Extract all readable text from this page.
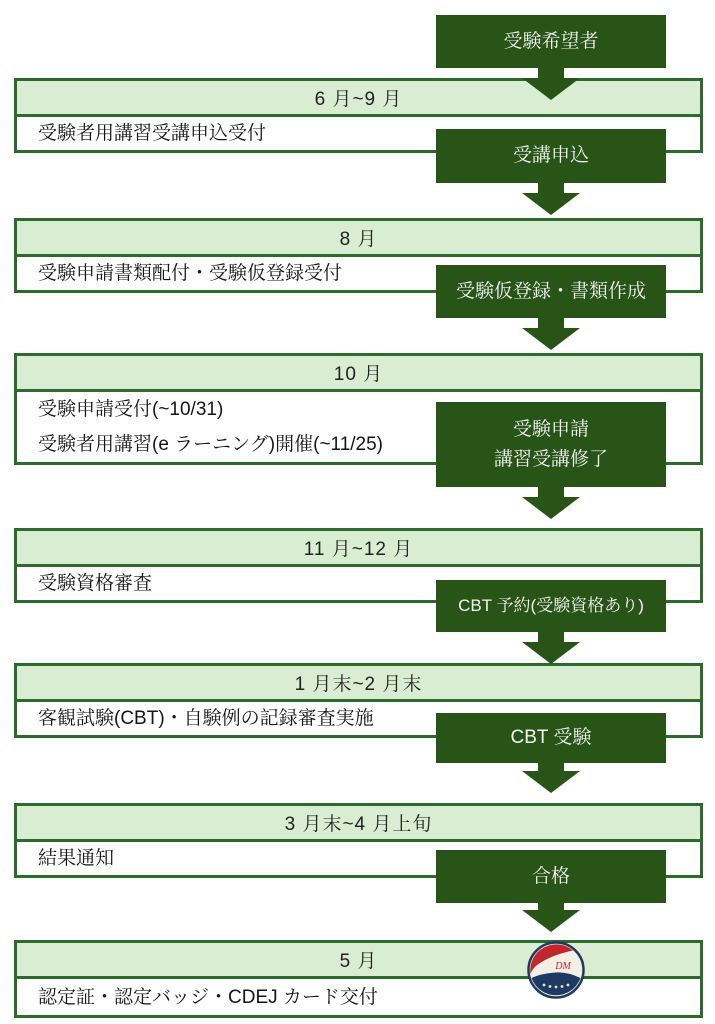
受験希望者
6 月~9 月
受験者用講習受講申込受付
受講申込
8 月
受験申請書類配付・受験仮登録受付
受験仮登録・書類作成
10 月
受験申請受付(~10/31)
受験者用講習(e ラーニング)開催(~11/25)
受験申請
講習受講修了
11 月~12 月
受験資格審査
CBT 予約(受験資格あり)
1 月末~2 月末
客観試験(CBT)・自験例の記録審査実施
CBT 受験
3 月末~4 月上旬
結果通知
合格
5 月
認定証・認定バッジ・CDEJ カード交付
DM
